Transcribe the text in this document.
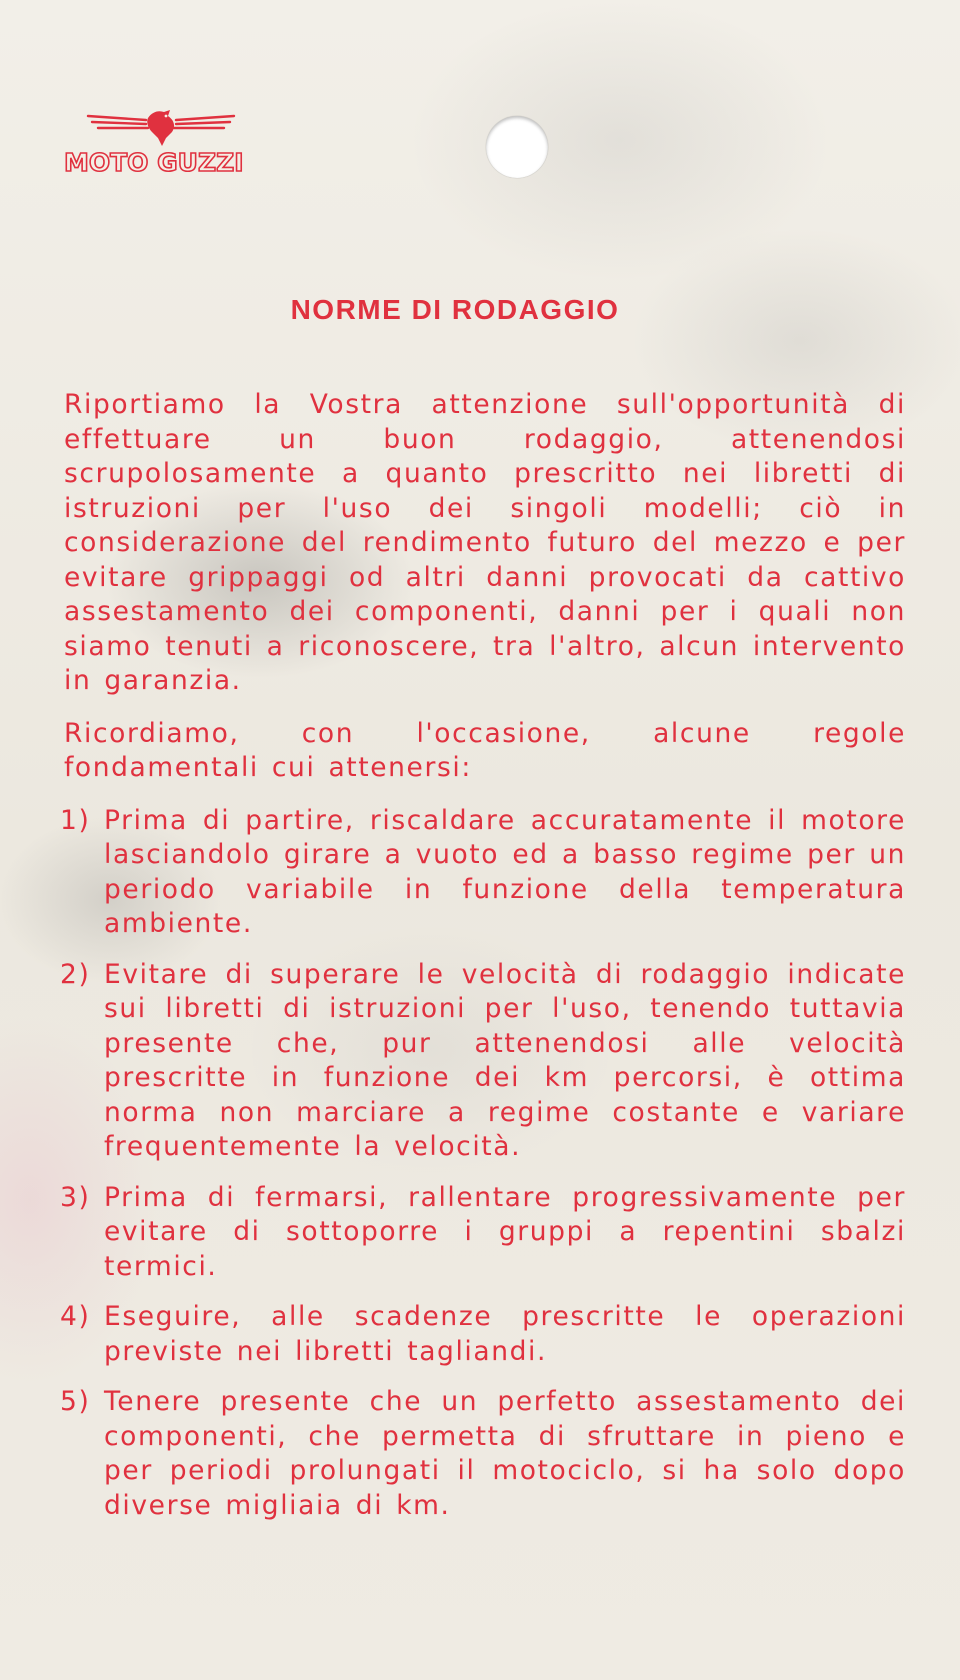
MOTO GUZZI
NORME DI RODAGGIO

Riportiamo la Vostra attenzione sull'opportunità di effettuare un buon rodaggio, attenendosi scrupolosamente a quanto prescritto nei libretti di istruzioni per l'uso dei singoli modelli; ciò in considerazione del rendimento futuro del mezzo e per evitare grippaggi od altri danni provocati da cattivo assestamento dei componenti, danni per i quali non siamo tenuti a riconoscere, tra l'altro, alcun intervento in garanzia.

Ricordiamo, con l'occasione, alcune regole fondamentali cui attenersi:

1) Prima di partire, riscaldare accuratamente il motore lasciandolo girare a vuoto ed a basso regime per un periodo variabile in funzione della temperatura ambiente.
2) Evitare di superare le velocità di rodaggio indicate sui libretti di istruzioni per l'uso, tenendo tuttavia presente che, pur attenendosi alle velocità prescritte in funzione dei km percorsi, è ottima norma non marciare a regime costante e variare frequentemente la velocità.
3) Prima di fermarsi, rallentare progressivamente per evitare di sottoporre i gruppi a repentini sbalzi termici.
4) Eseguire, alle scadenze prescritte le operazioni previste nei libretti tagliandi.
5) Tenere presente che un perfetto assestamento dei componenti, che permetta di sfruttare in pieno e per periodi prolungati il motociclo, si ha solo dopo diverse migliaia di km.
